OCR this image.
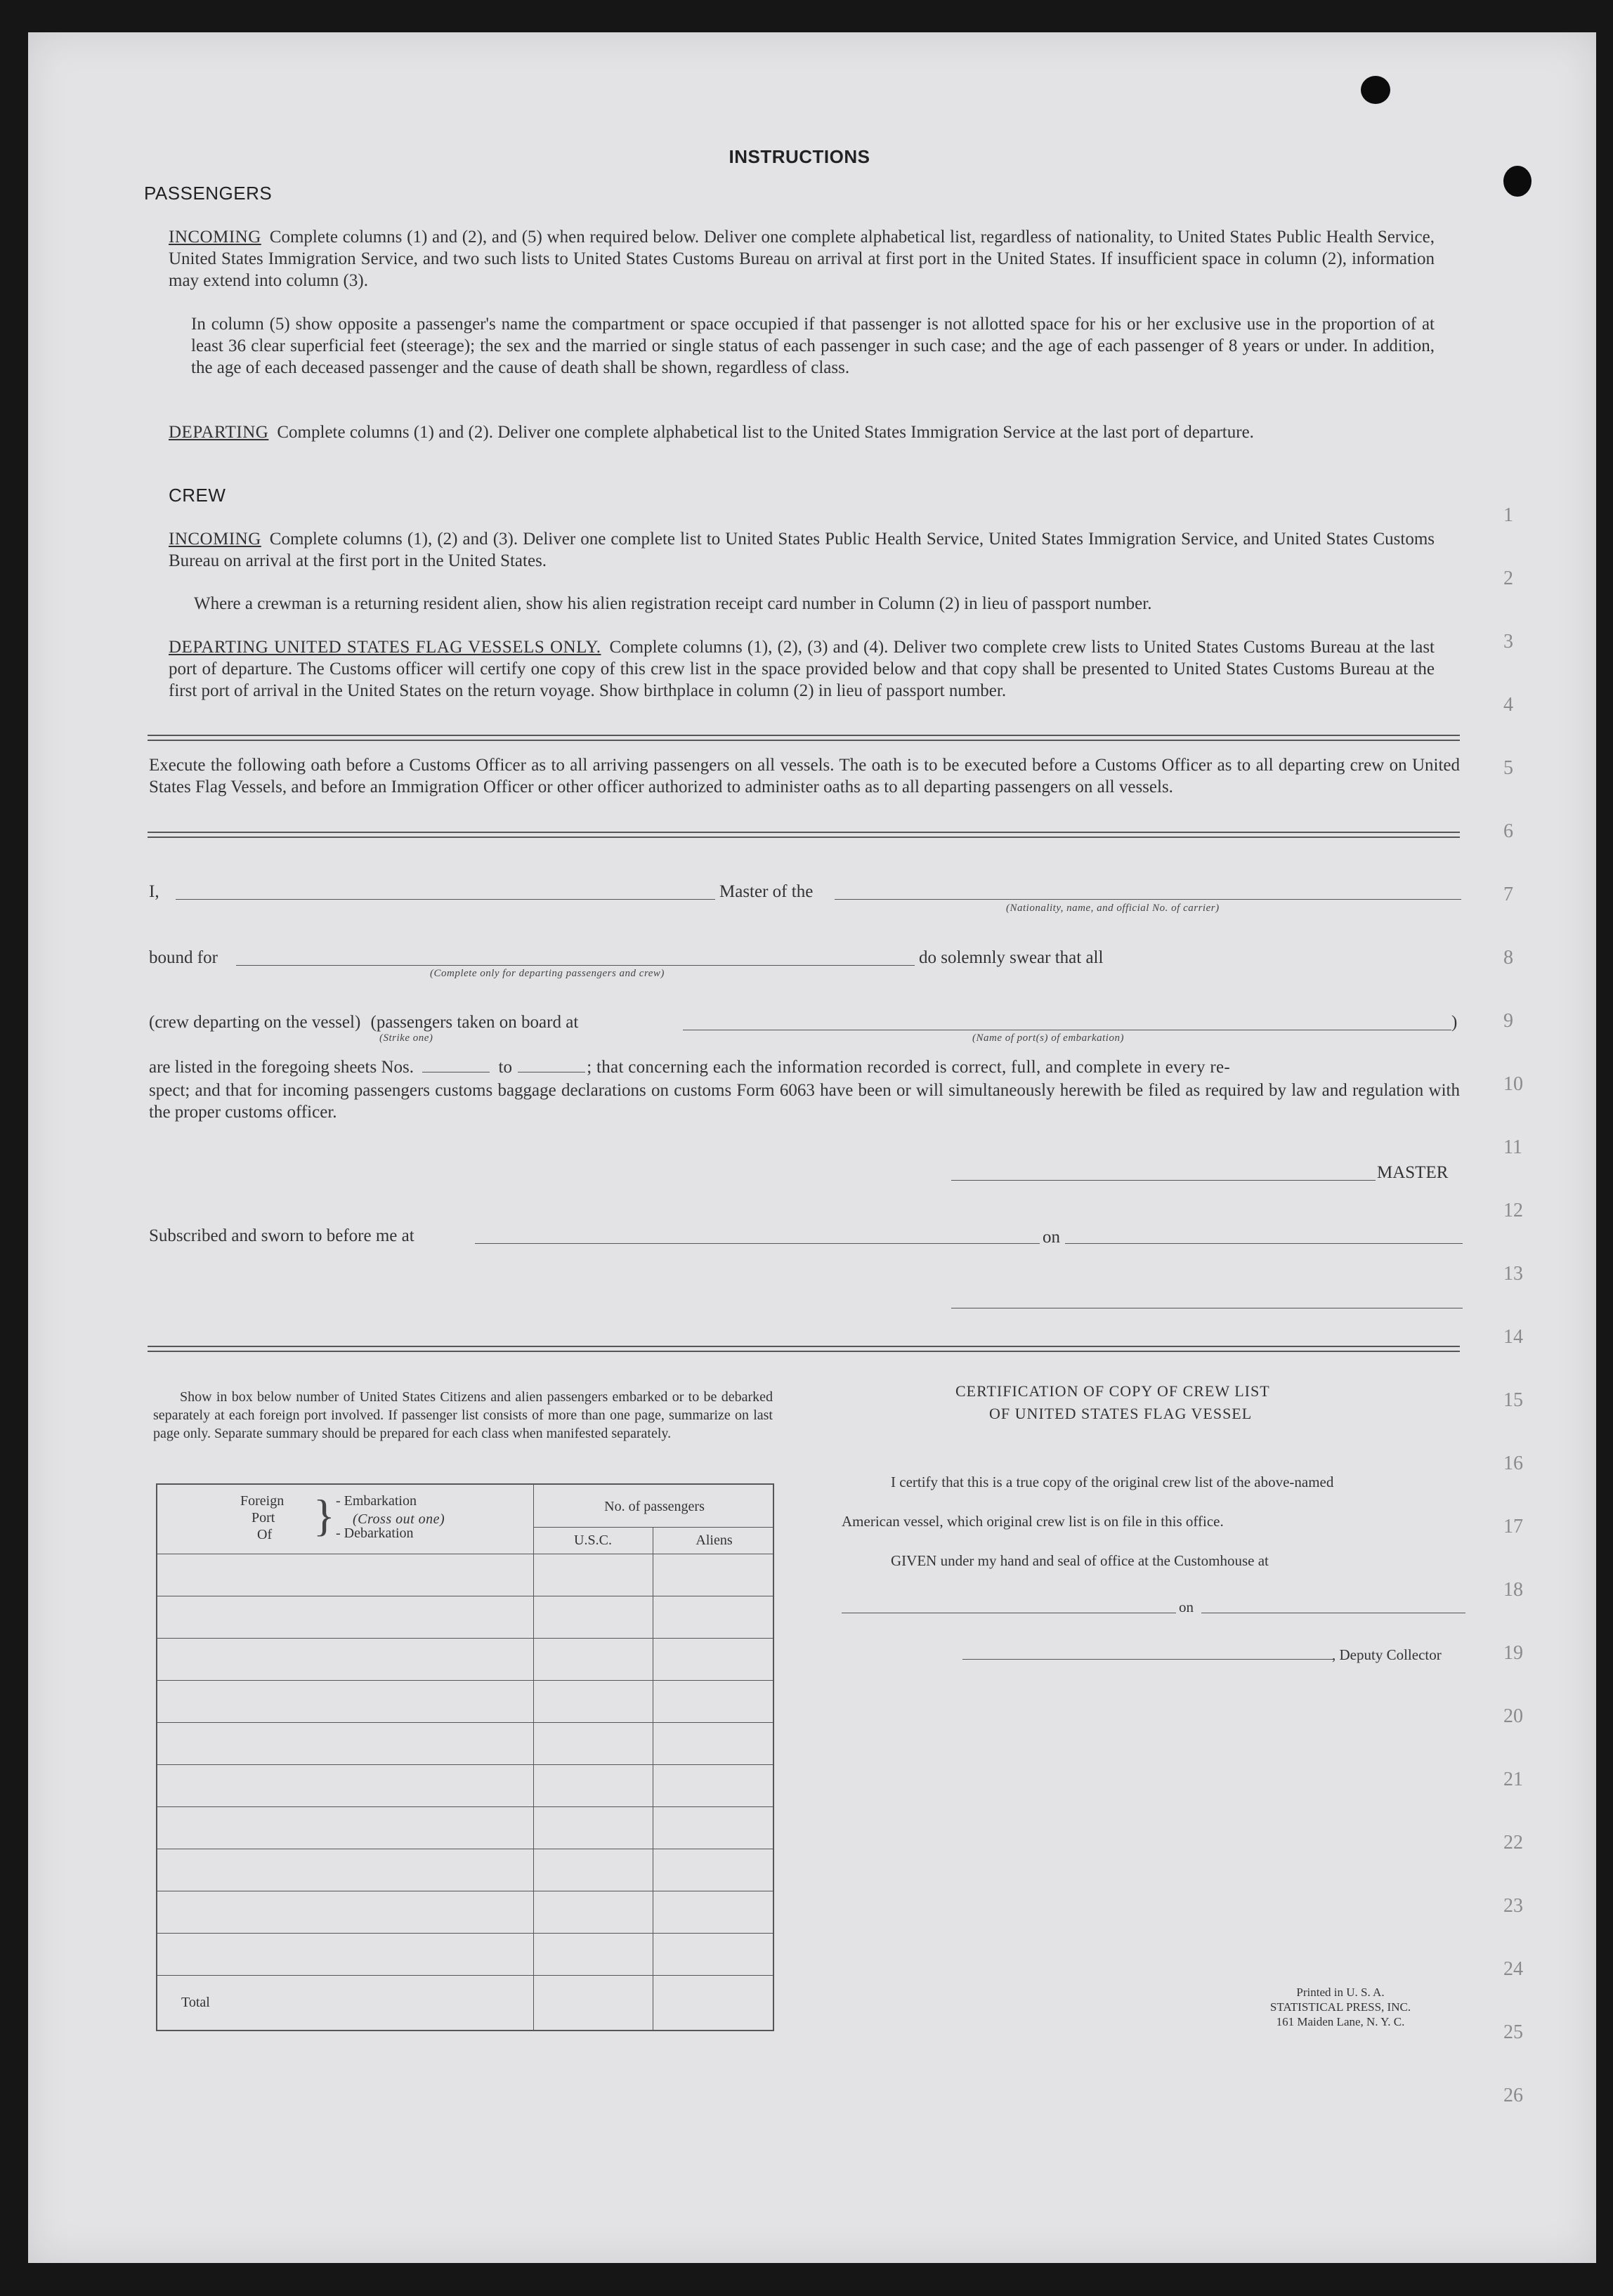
INSTRUCTIONS
PASSENGERS
INCOMING Complete columns (1) and (2), and (5) when required below. Deliver one complete alphabetical list, regardless of nationality, to United States Public Health Service, United States Immigration Service, and two such lists to United States Customs Bureau on arrival at first port in the United States. If insufficient space in column (2), information may extend into column (3).
In column (5) show opposite a passenger's name the compartment or space occupied if that passenger is not allotted space for his or her exclusive use in the proportion of at least 36 clear superficial feet (steerage); the sex and the married or single status of each passenger in such case; and the age of each passenger of 8 years or under. In addition, the age of each deceased passenger and the cause of death shall be shown, regardless of class.
DEPARTING Complete columns (1) and (2). Deliver one complete alphabetical list to the United States Immigration Service at the last port of departure.
CREW
INCOMING Complete columns (1), (2) and (3). Deliver one complete list to United States Public Health Service, United States Immigration Service, and United States Customs Bureau on arrival at the first port in the United States.
Where a crewman is a returning resident alien, show his alien registration receipt card number in Column (2) in lieu of passport number.
DEPARTING UNITED STATES FLAG VESSELS ONLY. Complete columns (1), (2), (3) and (4). Deliver two complete crew lists to United States Customs Bureau at the last port of departure. The Customs officer will certify one copy of this crew list in the space provided below and that copy shall be presented to United States Customs Bureau at the first port of arrival in the United States on the return voyage. Show birthplace in column (2) in lieu of passport number.
Execute the following oath before a Customs Officer as to all arriving passengers on all vessels. The oath is to be executed before a Customs Officer as to all departing crew on United States Flag Vessels, and before an Immigration Officer or other officer authorized to administer oaths as to all departing passengers on all vessels.
I,	Master of the
(Nationality, name, and official No. of carrier)
bound for
(Complete only for departing passengers and crew)
do solemnly swear that all
(crew departing on the vessel) (passengers taken on board at	)
(Strike one)	(Name of port(s) of embarkation)
are listed in the foregoing sheets Nos.	to	; that concerning each the information recorded is correct, full, and complete in every re-
spect; and that for incoming passengers customs baggage declarations on customs Form 6063 have been or will simultaneously herewith be filed as required by law and regulation with the proper customs officer.
MASTER
Subscribed and sworn to before me at	on
Show in box below number of United States Citizens and alien passengers embarked or to be debarked separately at each foreign port involved. If passenger list consists of more than one page, summarize on last page only. Separate summary should be prepared for each class when manifested separately.
Foreign
Port
Of } - Embarkation
(Cross out one)
- Debarkation
No. of passengers
U.S.C.	Aliens
Total
CERTIFICATION OF COPY OF CREW LIST
OF UNITED STATES FLAG VESSEL
I certify that this is a true copy of the original crew list of the above-named
American vessel, which original crew list is on file in this office.
GIVEN under my hand and seal of office at the Customhouse at
on
, Deputy Collector
Printed in U. S. A.
STATISTICAL PRESS, INC.
161 Maiden Lane, N. Y. C.
1
2
3
4
5
6
7
8
9
10
11
12
13
14
15
16
17
18
19
20
21
22
23
24
25
26
